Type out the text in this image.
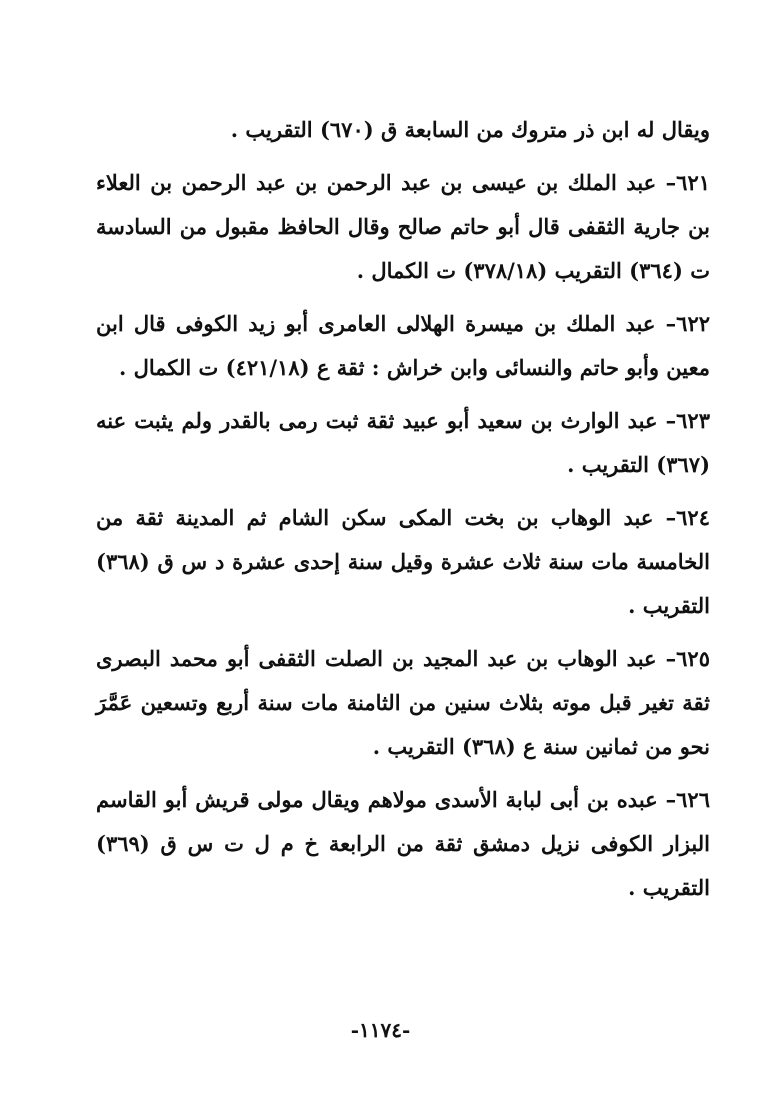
ويقال له ابن ذر متروك من السابعة ق (٦٧٠) التقريب .

٦٢١– عبد الملك بن عيسى بن عبد الرحمن بن عبد الرحمن بن العلاء بن جارية الثقفى قال أبو حاتم صالح وقال الحافظ مقبول من السادسة ت (٣٦٤) التقريب (٣٧٨/١٨) ت الكمال .

٦٢٢– عبد الملك بن ميسرة الهلالى العامرى أبو زيد الكوفى قال ابن معين وأبو حاتم والنسائى وابن خراش : ثقة ع (٤٢١/١٨) ت الكمال .

٦٢٣– عبد الوارث بن سعيد أبو عبيد ثقة ثبت رمى بالقدر ولم يثبت عنه (٣٦٧) التقريب .

٦٢٤– عبد الوهاب بن بخت المكى سكن الشام ثم المدينة ثقة من الخامسة مات سنة ثلاث عشرة وقيل سنة إحدى عشرة د س ق (٣٦٨) التقريب .

٦٢٥– عبد الوهاب بن عبد المجيد بن الصلت الثقفى أبو محمد البصرى ثقة تغير قبل موته بثلاث سنين من الثامنة مات سنة أربع وتسعين عَمَّرَ نحو من ثمانين سنة ع (٣٦٨) التقريب .

٦٢٦– عبده بن أبى لبابة الأسدى مولاهم ويقال مولى قريش أبو القاسم البزار الكوفى نزيل دمشق ثقة من الرابعة خ م ل ت س ق (٣٦٩) التقريب .

-١١٧٤-
